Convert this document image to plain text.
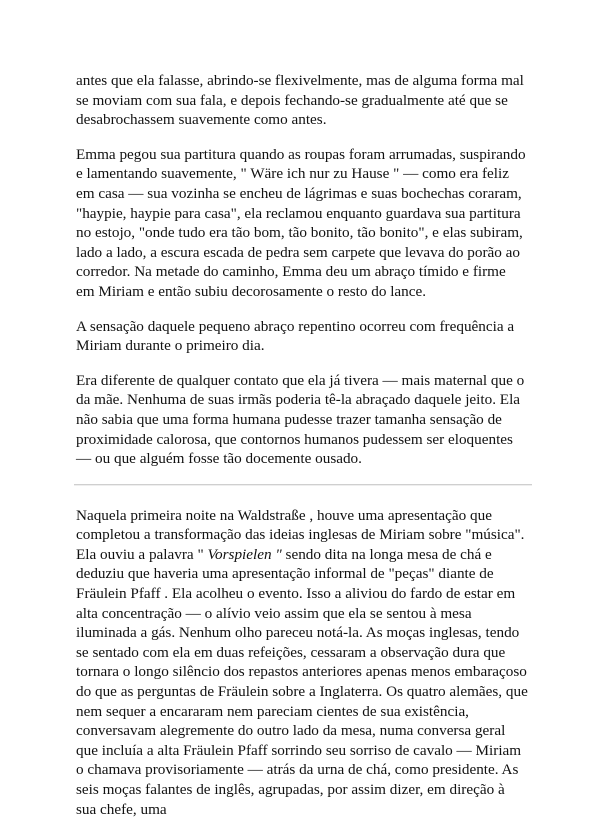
antes que ela falasse, abrindo-se flexivelmente, mas de alguma forma mal se moviam com sua fala, e depois fechando-se gradualmente até que se desabrochassem suavemente como antes.

Emma pegou sua partitura quando as roupas foram arrumadas, suspirando e lamentando suavemente, " Wäre ich nur zu Hause " — como era feliz em casa — sua vozinha se encheu de lágrimas e suas bochechas coraram, "haypie, haypie para casa", ela reclamou enquanto guardava sua partitura no estojo, "onde tudo era tão bom, tão bonito, tão bonito", e elas subiram, lado a lado, a escura escada de pedra sem carpete que levava do porão ao corredor. Na metade do caminho, Emma deu um abraço tímido e firme em Miriam e então subiu decorosamente o resto do lance.

A sensação daquele pequeno abraço repentino ocorreu com frequência a Miriam durante o primeiro dia.

Era diferente de qualquer contato que ela já tivera — mais maternal que o da mãe. Nenhuma de suas irmãs poderia tê-la abraçado daquele jeito. Ela não sabia que uma forma humana pudesse trazer tamanha sensação de proximidade calorosa, que contornos humanos pudessem ser eloquentes — ou que alguém fosse tão docemente ousado.

Naquela primeira noite na Waldstraße , houve uma apresentação que completou a transformação das ideias inglesas de Miriam sobre "música". Ela ouviu a palavra " Vorspielen " sendo dita na longa mesa de chá e deduziu que haveria uma apresentação informal de "peças" diante de Fräulein Pfaff . Ela acolheu o evento. Isso a aliviou do fardo de estar em alta concentração — o alívio veio assim que ela se sentou à mesa iluminada a gás. Nenhum olho pareceu notá-la. As moças inglesas, tendo se sentado com ela em duas refeições, cessaram a observação dura que tornara o longo silêncio dos repastos anteriores apenas menos embaraçoso do que as perguntas de Fräulein sobre a Inglaterra. Os quatro alemães, que nem sequer a encararam nem pareciam cientes de sua existência, conversavam alegremente do outro lado da mesa, numa conversa geral que incluía a alta Fräulein Pfaff sorrindo seu sorriso de cavalo — Miriam o chamava provisoriamente — atrás da urna de chá, como presidente. As seis moças falantes de inglês, agrupadas, por assim dizer, em direção à sua chefe, uma
